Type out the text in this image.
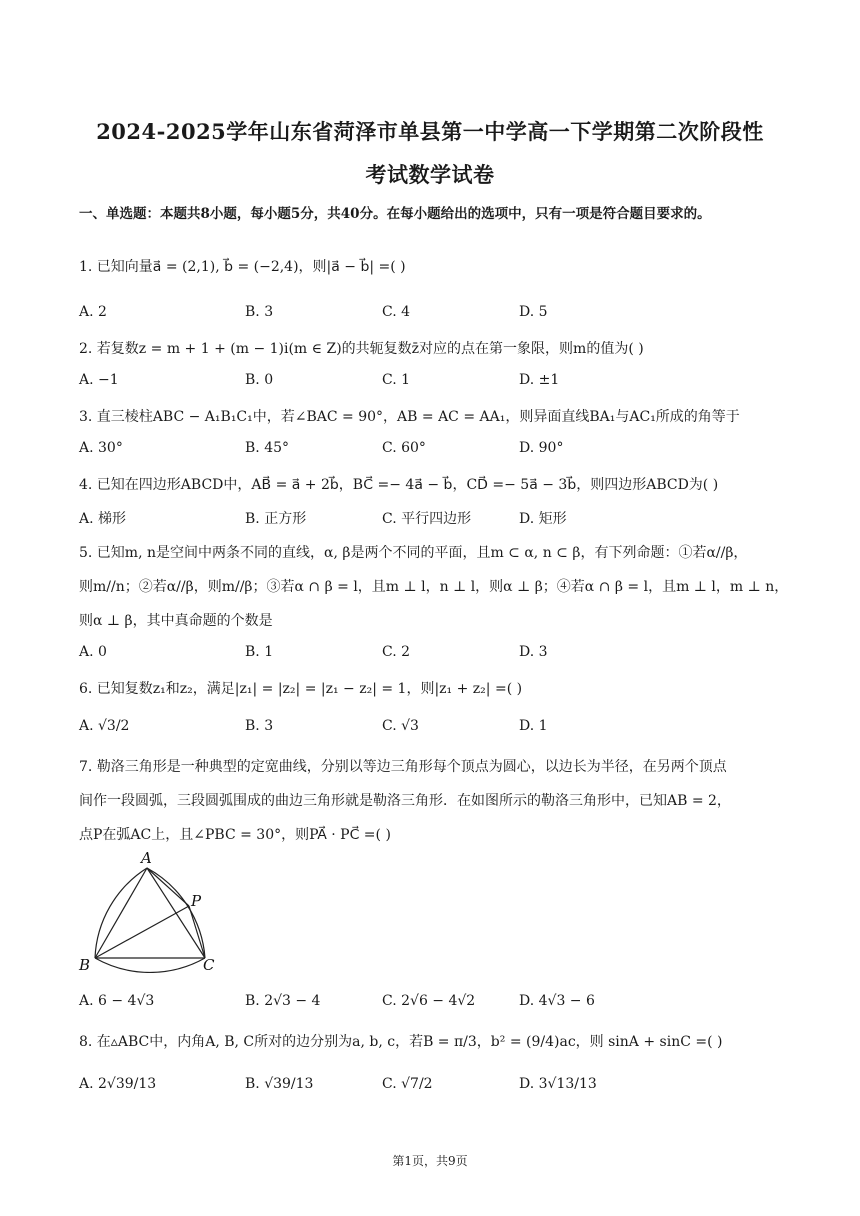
2024-2025学年山东省菏泽市单县第一中学高一下学期第二次阶段性
考试数学试卷
一、单选题：本题共8小题，每小题5分，共40分。在每小题给出的选项中，只有一项是符合题目要求的。
1. 已知向量a⃗ = (2,1), b⃗ = (−2,4)，则|a⃗ − b⃗| =( )
A. 2	B. 3	C. 4	D. 5
2. 若复数z = m + 1 + (m − 1)i(m ∈ Z)的共轭复数z̄对应的点在第一象限，则m的值为( )
A. −1	B. 0	C. 1	D. ±1
3. 直三棱柱ABC − A₁B₁C₁中，若∠BAC = 90°，AB = AC = AA₁，则异面直线BA₁与AC₁所成的角等于
A. 30°	B. 45°	C. 60°	D. 90°
4. 已知在四边形ABCD中，AB⃗ = a⃗ + 2b⃗，BC⃗ =− 4a⃗ − b⃗，CD⃗ =− 5a⃗ − 3b⃗，则四边形ABCD为( )
A. 梯形	B. 正方形	C. 平行四边形	D. 矩形
5. 已知m, n是空间中两条不同的直线，α, β是两个不同的平面，且m ⊂ α, n ⊂ β，有下列命题：①若α//β，
则m//n；②若α//β，则m//β；③若α ∩ β = l，且m ⊥ l，n ⊥ l，则α ⊥ β；④若α ∩ β = l，且m ⊥ l，m ⊥ n，
则α ⊥ β，其中真命题的个数是
A. 0	B. 1	C. 2	D. 3
6. 已知复数z₁和z₂，满足|z₁| = |z₂| = |z₁ − z₂| = 1，则|z₁ + z₂| =( )
A. √3/2	B. 3	C. √3	D. 1
7. 勒洛三角形是一种典型的定宽曲线，分别以等边三角形每个顶点为圆心，以边长为半径，在另两个顶点
间作一段圆弧，三段圆弧围成的曲边三角形就是勒洛三角形．在如图所示的勒洛三角形中，已知AB = 2，
点P在弧AC上，且∠PBC = 30°，则PA⃗ · PC⃗ =( )
A
P
B	C
A. 6 − 4√3	B. 2√3 − 4	C. 2√6 − 4√2	D. 4√3 − 6
8. 在▵ABC中，内角A, B, C所对的边分别为a, b, c，若B = π/3，b² = (9/4)ac，则 sinA + sinC =( )
A. 2√39/13	B. √39/13	C. √7/2	D. 3√13/13
第1页，共9页
